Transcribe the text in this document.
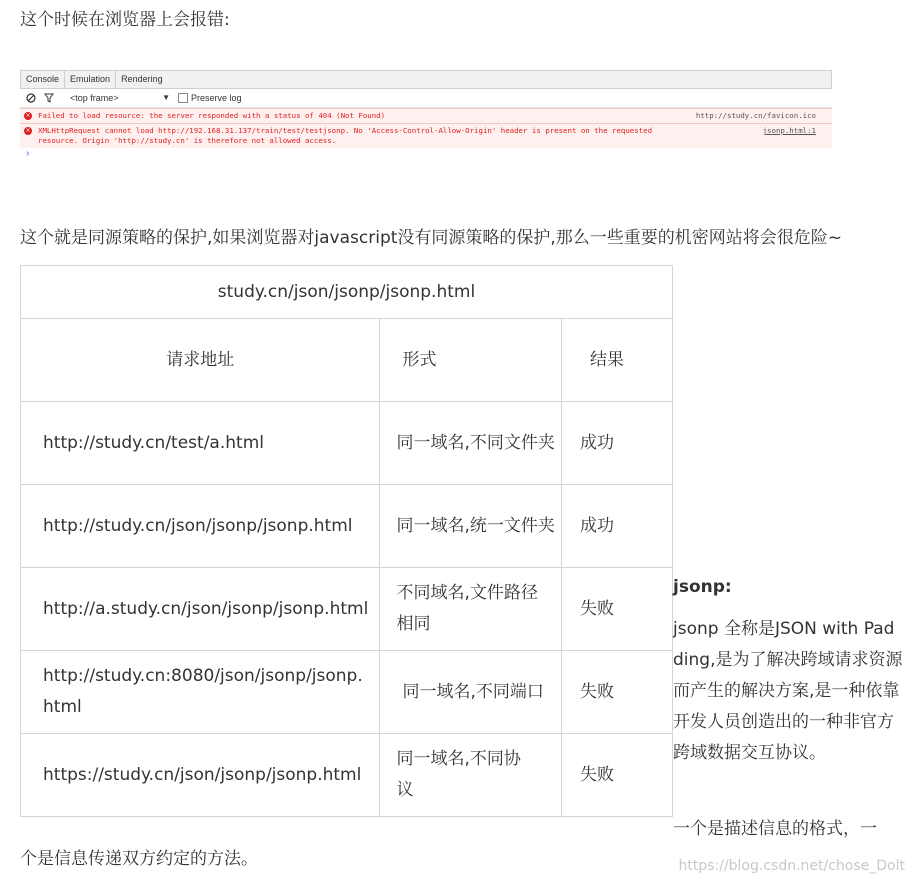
这个时候在浏览器上会报错:

Console	Emulation	Rendering
<top frame>	▼ Preserve log
× Failed to load resource: the server responded with a status of 404 (Not Found)	http://study.cn/favicon.ico
× XMLHttpRequest cannot load http://192.168.31.137/train/test/testjsonp. No 'Access-Control-Allow-Origin' header is present on the requested
resource. Origin 'http://study.cn' is therefore not allowed access.
jsonp.html:1
›

这个就是同源策略的保护,如果浏览器对javascript没有同源策略的保护,那么一些重要的机密网站将会很危险~

study.cn/json/jsonp/jsonp.html		
请求地址	形式	结果
http://study.cn/test/a.html	同一域名,不同文件夹	成功
http://study.cn/json/jsonp/jsonp.html	同一域名,统一文件夹	成功
http://a.study.cn/json/jsonp/jsonp.html	不同域名,文件路径相同	失败
http://study.cn:8080/json/jsonp/jsonp.html	同一域名,不同端口	失败
https://study.cn/json/jsonp/jsonp.html	同一域名,不同协议	失败
jsonp:
jsonp 全称是JSON with Padding,是为了解决跨域请求资源而产生的解决方案,是一种依靠开发人员创造出的一种非官方跨域数据交互协议。
一个是描述信息的格式，一

个是信息传递双方约定的方法。	https://blog.csdn.net/chose_Dolt
